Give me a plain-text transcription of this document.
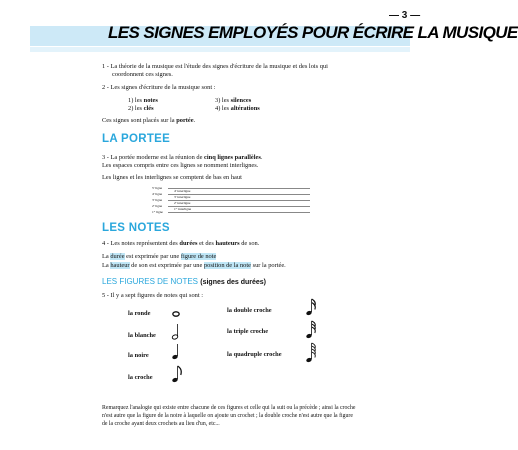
— 3 —
LES SIGNES EMPLOYÉS POUR ÉCRIRE LA MUSIQUE
1 - La théorie de la musique est l'étude des signes d'écriture de la musique et des lois qui
coordonnent ces signes.
2 - Les signes d'écriture de la musique sont :
1) les notes
2) les clés
3) les silences
4) les altérations
Ces signes sont placés sur la portée.
LA PORTEE
3 - La portée moderne est la réunion de cinq lignes parallèles.
Les espaces compris entre ces lignes se nomment interlignes.
Les lignes et les interlignes se comptent de bas en haut
5ᵉ ligne
4ᵉ ligne
3ᵉ ligne
2ᵉ ligne
1ʳᵉ ligne
4ᵉ interligne
3ᵉ interligne
2ᵉ interligne
1ᵉʳ interligne
LES NOTES
4 - Les notes représentent des durées et des hauteurs de son.
La durée est exprimée par une figure de note
La hauteur de son est exprimée par une position de la note sur la portée.
LES FIGURES DE NOTES (signes des durées)
5 - Il y a sept figures de notes qui sont :
la ronde
la blanche
la noire
la croche
la double croche
la triple croche
la quadruple croche
Remarquez l'analogie qui existe entre chacune de ces figures et celle qui la suit ou la précède ; ainsi la croche
n'est autre que la figure de la noire à laquelle on ajoute un crochet ; la double croche n'est autre que la figure
de la croche ayant deux crochets au lieu d'un, etc...
